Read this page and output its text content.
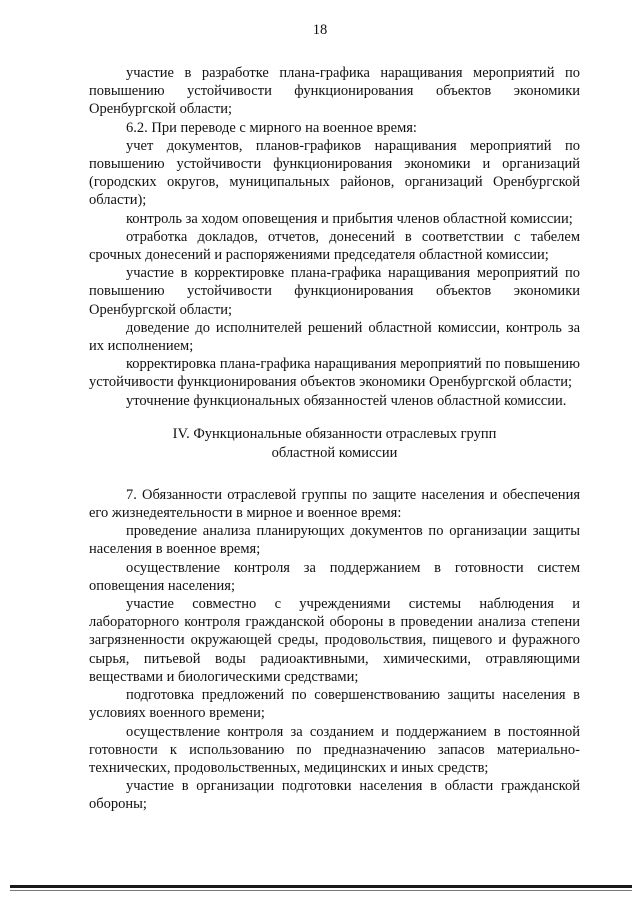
18

участие в разработке плана-графика наращивания мероприятий по повышению устойчивости функционирования объектов экономики Оренбургской области;

6.2. При переводе с мирного на военное время:

учет документов, планов-графиков наращивания мероприятий по повышению устойчивости функционирования экономики и организаций (городских округов, муниципальных районов, организаций Оренбургской области);

контроль за ходом оповещения и прибытия членов областной комиссии;

отработка докладов, отчетов, донесений в соответствии с табелем срочных донесений и распоряжениями председателя областной комиссии;

участие в корректировке плана-графика наращивания мероприятий по повышению устойчивости функционирования объектов экономики Оренбургской области;

доведение до исполнителей решений областной комиссии, контроль за их исполнением;

корректировка плана-графика наращивания мероприятий по повышению устойчивости функционирования объектов экономики Оренбургской области;

уточнение функциональных обязанностей членов областной комиссии.

IV. Функциональные обязанности отраслевых групп
областной комиссии

7. Обязанности отраслевой группы по защите населения и обеспечения его жизнедеятельности в мирное и военное время:

проведение анализа планирующих документов по организации защиты населения в военное время;

осуществление контроля за поддержанием в готовности систем оповещения населения;

участие совместно с учреждениями системы наблюдения и лабораторного контроля гражданской обороны в проведении анализа степени загрязненности окружающей среды, продовольствия, пищевого и фуражного сырья, питьевой воды радиоактивными, химическими, отравляющими веществами и биологическими средствами;

подготовка предложений по совершенствованию защиты населения в условиях военного времени;

осуществление контроля за созданием и поддержанием в постоянной готовности к использованию по предназначению запасов материально-технических, продовольственных, медицинских и иных средств;

участие в организации подготовки населения в области гражданской обороны;
